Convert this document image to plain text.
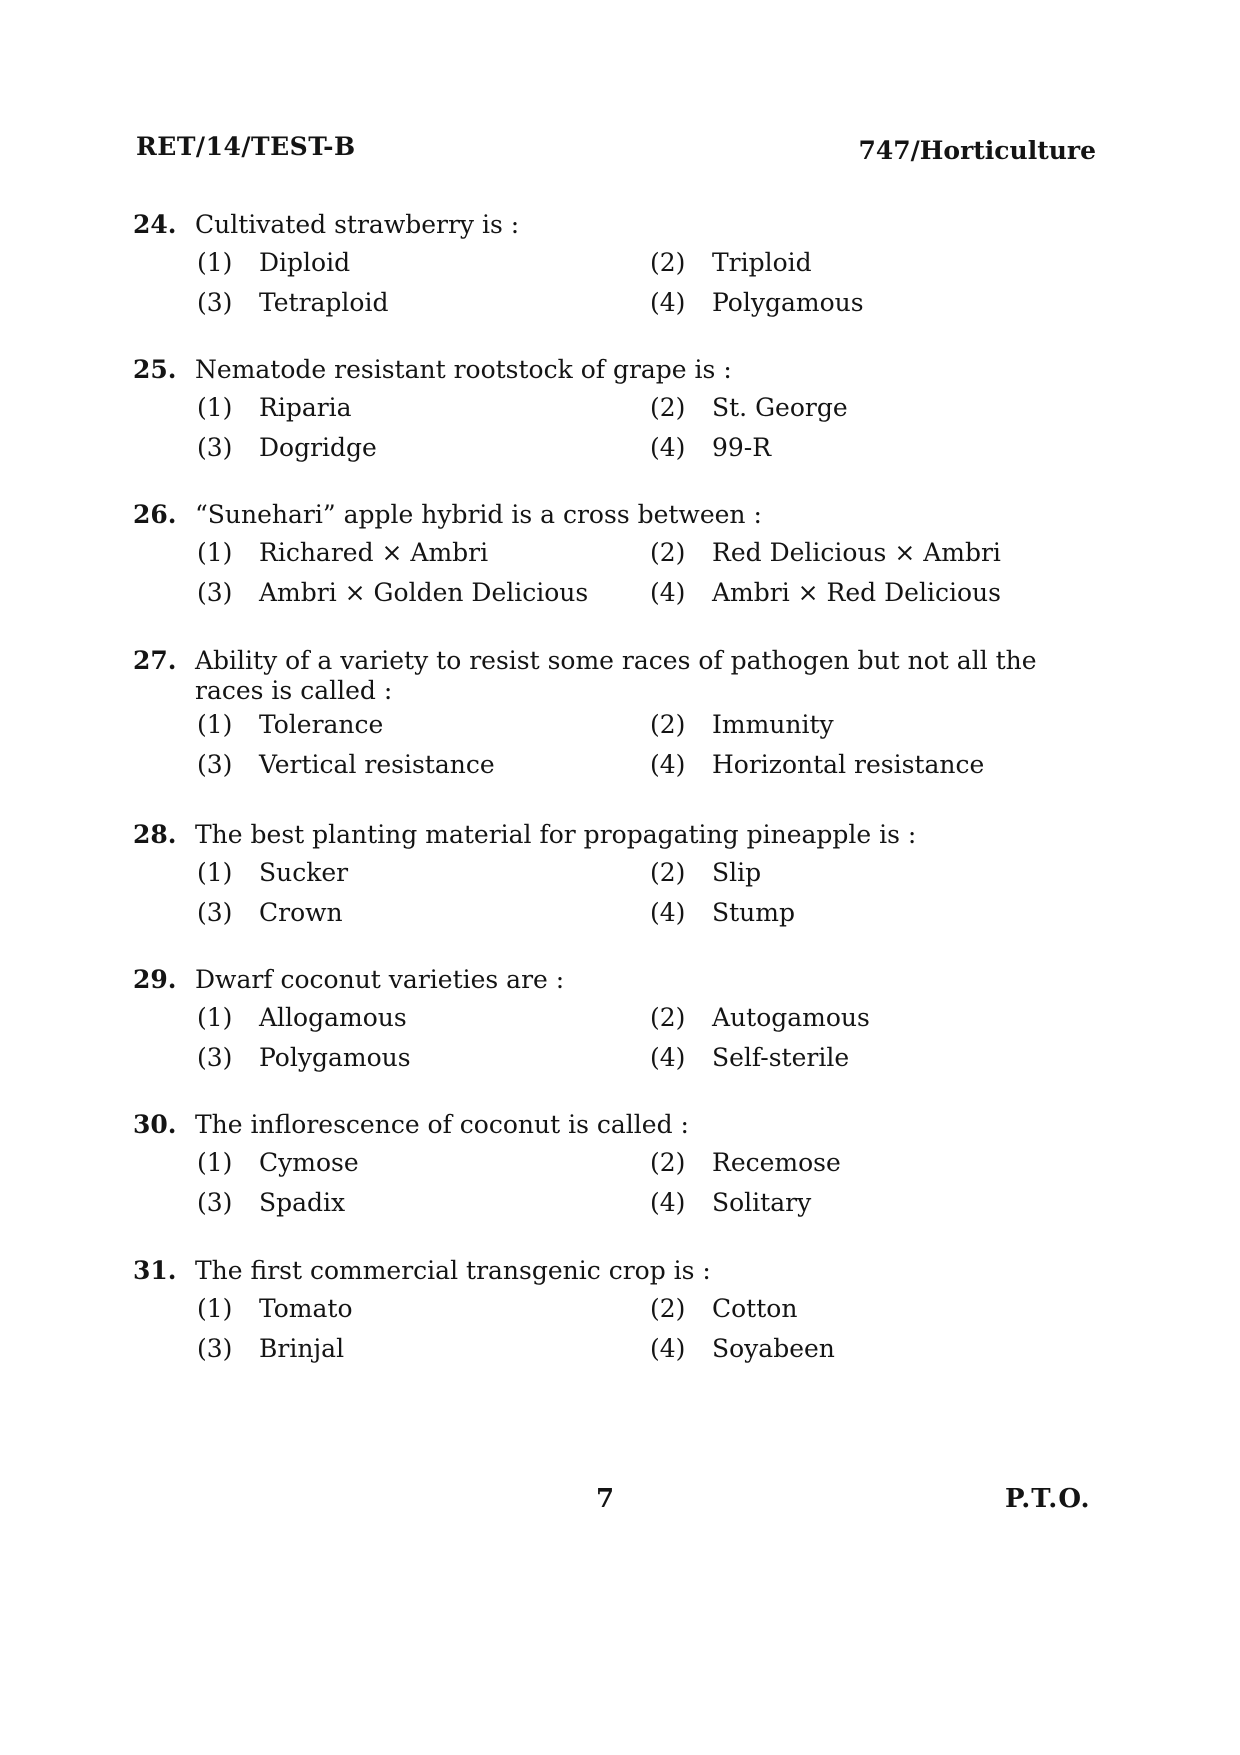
RET/14/TEST-B	747/Horticulture
24. Cultivated strawberry is :
(1) Diploid	(2) Triploid
(3) Tetraploid	(4) Polygamous
25. Nematode resistant rootstock of grape is :
(1) Riparia	(2) St. George
(3) Dogridge	(4) 99-R
26. “Sunehari” apple hybrid is a cross between :
(1) Richared × Ambri	(2) Red Delicious × Ambri
(3) Ambri × Golden Delicious (4) Ambri × Red Delicious
27. Ability of a variety to resist some races of pathogen but not all the races is called :
(1) Tolerance	(2) Immunity
(3) Vertical resistance	(4) Horizontal resistance
28. The best planting material for propagating pineapple is :
(1) Sucker	(2) Slip
(3) Crown	(4) Stump
29. Dwarf coconut varieties are :
(1) Allogamous	(2) Autogamous
(3) Polygamous	(4) Self-sterile
30. The inflorescence of coconut is called :
(1) Cymose	(2) Recemose
(3) Spadix	(4) Solitary
31. The first commercial transgenic crop is :
(1) Tomato	(2) Cotton
(3) Brinjal	(4) Soyabeen
7	P.T.O.
